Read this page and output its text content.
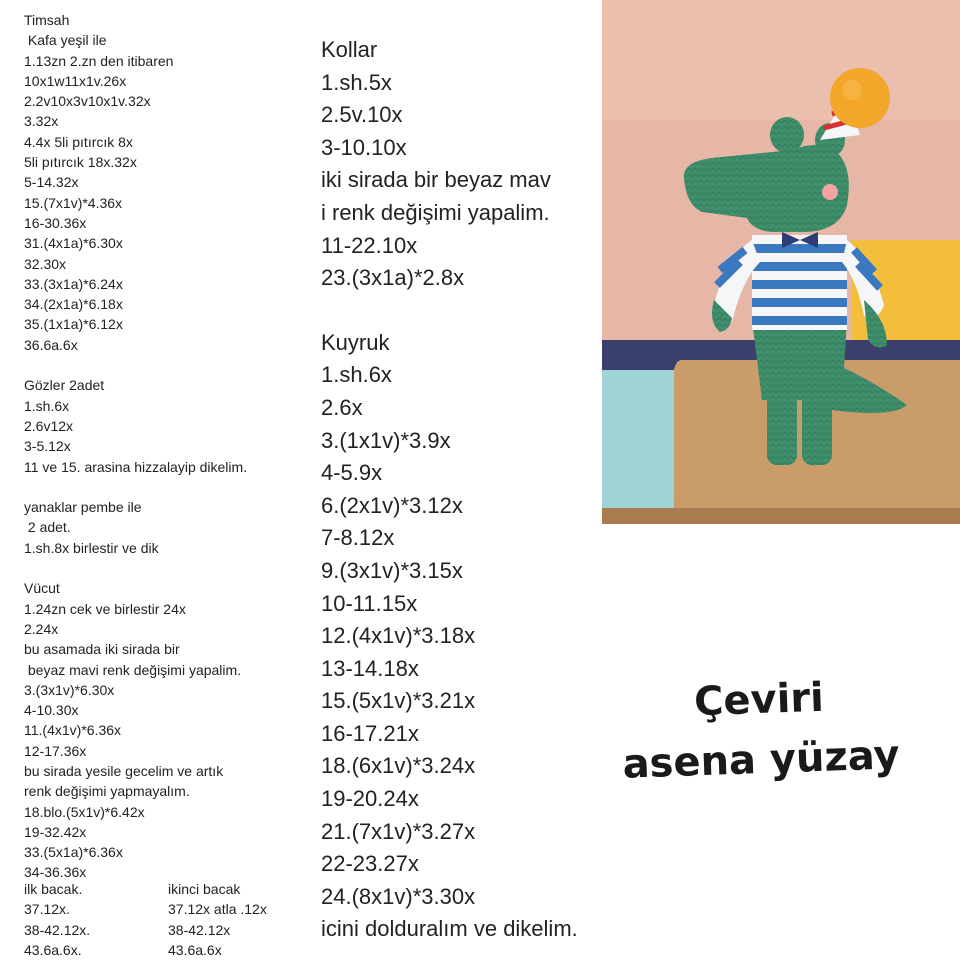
Timsah
Kafa yeşil ile
1.13zn 2.zn den itibaren
10x1w11x1v.26x
2.2v10x3v10x1v.32x
3.32x
4.4x 5li pıtırcık 8x
5li pıtırcık 18x.32x
5-14.32x
15.(7x1v)*4.36x
16-30.36x
31.(4x1a)*6.30x
32.30x
33.(3x1a)*6.24x
34.(2x1a)*6.18x
35.(1x1a)*6.12x
36.6a.6x
Gözler 2adet
1.sh.6x
2.6v12x
3-5.12x
11 ve 15. arasina hizzalayip dikelim.
yanaklar pembe ile
2 adet.
1.sh.8x birlestir ve dik
Vücut
1.24zn cek ve birlestir 24x
2.24x
bu asamada iki sirada bir
beyaz mavi renk değişimi yapalim.
3.(3x1v)*6.30x
4-10.30x
11.(4x1v)*6.36x
12-17.36x
bu sirada yesile gecelim ve artık
renk değişimi yapmayalım.
18.blo.(5x1v)*6.42x
19-32.42x
33.(5x1a)*6.36x
34-36.36x
ilk bacak.
37.12x.
38-42.12x.
43.6a.6x.
ikinci bacak
37.12x atla .12x
38-42.12x
43.6a.6x
Kollar
1.sh.5x
2.5v.10x
3-10.10x
iki sirada bir beyaz mav
i renk değişimi yapalim.
11-22.10x
23.(3x1a)*2.8x
Kuyruk
1.sh.6x
2.6x
3.(1x1v)*3.9x
4-5.9x
6.(2x1v)*3.12x
7-8.12x
9.(3x1v)*3.15x
10-11.15x
12.(4x1v)*3.18x
13-14.18x
15.(5x1v)*3.21x
16-17.21x
18.(6x1v)*3.24x
19-20.24x
21.(7x1v)*3.27x
22-23.27x
24.(8x1v)*3.30x
icini dolduralım ve dikelim.
Çeviri
asena yüzay
